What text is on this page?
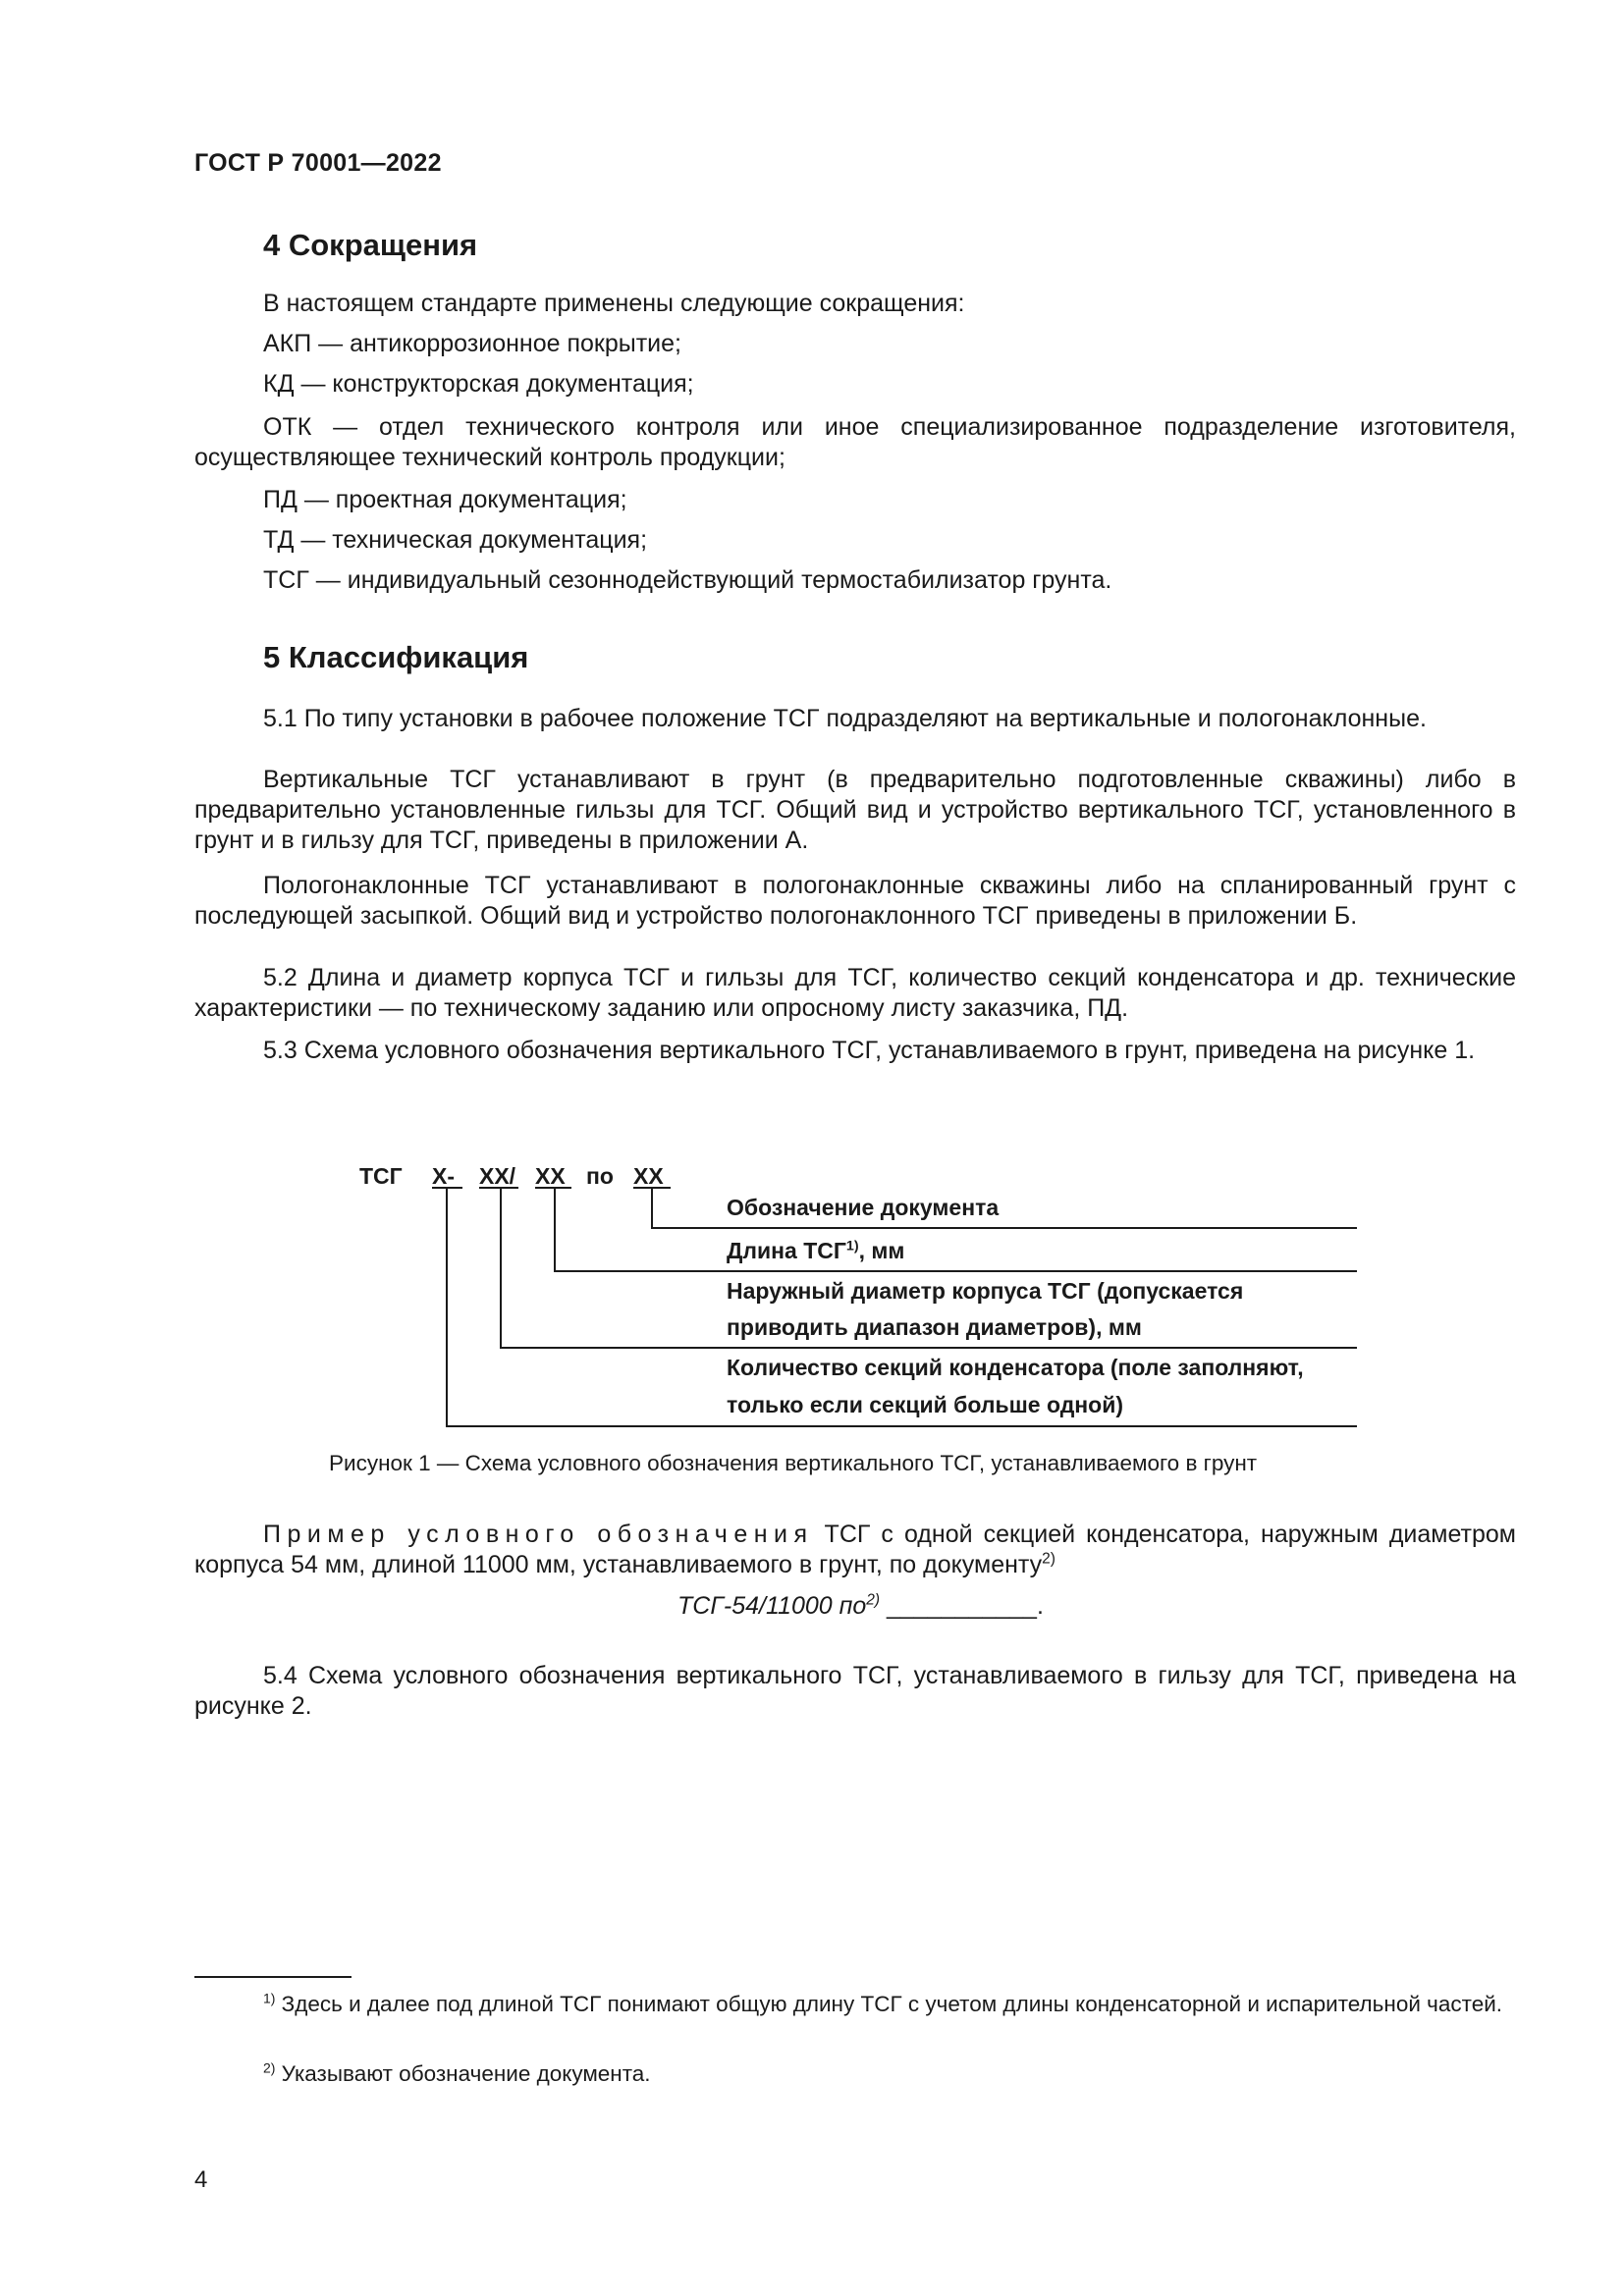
ГОСТ Р 70001—2022
4 Сокращения
В настоящем стандарте применены следующие сокращения:
АКП — антикоррозионное покрытие;
КД — конструкторская документация;
ОТК — отдел технического контроля или иное специализированное подразделение изготовителя, осуществляющее технический контроль продукции;
ПД — проектная документация;
ТД — техническая документация;
ТСГ — индивидуальный сезоннодействующий термостабилизатор грунта.
5 Классификация
5.1 По типу установки в рабочее положение ТСГ подразделяют на вертикальные и пологонаклонные.
Вертикальные ТСГ устанавливают в грунт (в предварительно подготовленные скважины) либо в предварительно установленные гильзы для ТСГ. Общий вид и устройство вертикального ТСГ, установленного в грунт и в гильзу для ТСГ, приведены в приложении А.
Пологонаклонные ТСГ устанавливают в пологонаклонные скважины либо на спланированный грунт с последующей засыпкой. Общий вид и устройство пологонаклонного ТСГ приведены в приложении Б.
5.2 Длина и диаметр корпуса ТСГ и гильзы для ТСГ, количество секций конденсатора и др. технические характеристики — по техническому заданию или опросному листу заказчика, ПД.
5.3 Схема условного обозначения вертикального ТСГ, устанавливаемого в грунт, приведена на рисунке 1.
ТСГ Х- ХХ/ ХХ по ХХ
Обозначение документа
Длина ТСГ$^{1)}$, мм
Наружный диаметр корпуса ТСГ (допускается
приводить диапазон диаметров), мм
Количество секций конденсатора (поле заполняют,
только если секций больше одной)
Рисунок 1 — Схема условного обозначения вертикального ТСГ, устанавливаемого в грунт
Пример условного обозначения ТСГ с одной секцией конденсатора, наружным диаметром корпуса 54 мм, длиной 11000 мм, устанавливаемого в грунт, по документу$^{2)}$
ТСГ-54/11000 $по^{2)}$ ___________.
5.4 Схема условного обозначения вертикального ТСГ, устанавливаемого в гильзу для ТСГ, приведена на рисунке 2.
$^{1)}$ Здесь и далее под длиной ТСГ понимают общую длину ТСГ с учетом длины конденсаторной и испарительной частей.
$^{2)}$ Указывают обозначение документа.
4
